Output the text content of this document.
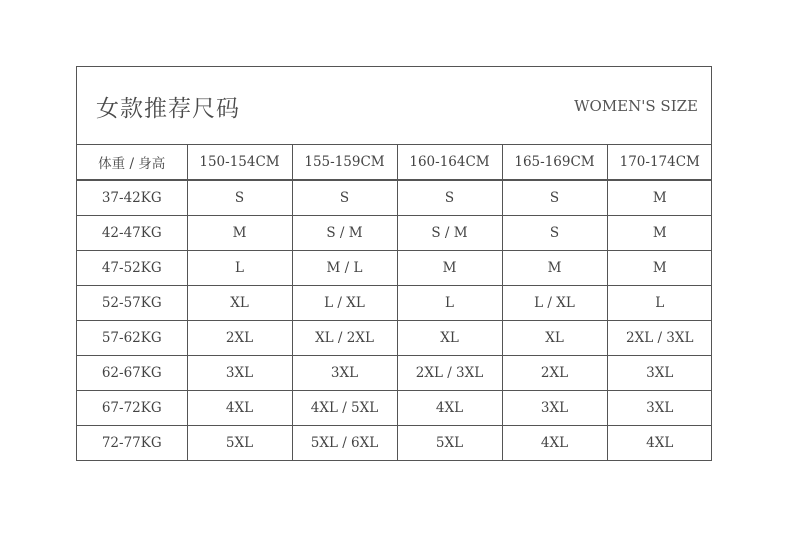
女款推荐尺码	WOMEN'S SIZE
体重 / 身高	150-154CM	155-159CM	160-164CM	165-169CM	170-174CM
37-42KG	S	S	S	S	M
42-47KG	M	S / M	S / M	S	M
47-52KG	L	M / L	M	M	M
52-57KG	XL	L / XL	L	L / XL	L
57-62KG	2XL	XL / 2XL	XL	XL	2XL / 3XL
62-67KG	3XL	3XL	2XL / 3XL	2XL	3XL
67-72KG	4XL	4XL / 5XL	4XL	3XL	3XL
72-77KG	5XL	5XL / 6XL	5XL	4XL	4XL
